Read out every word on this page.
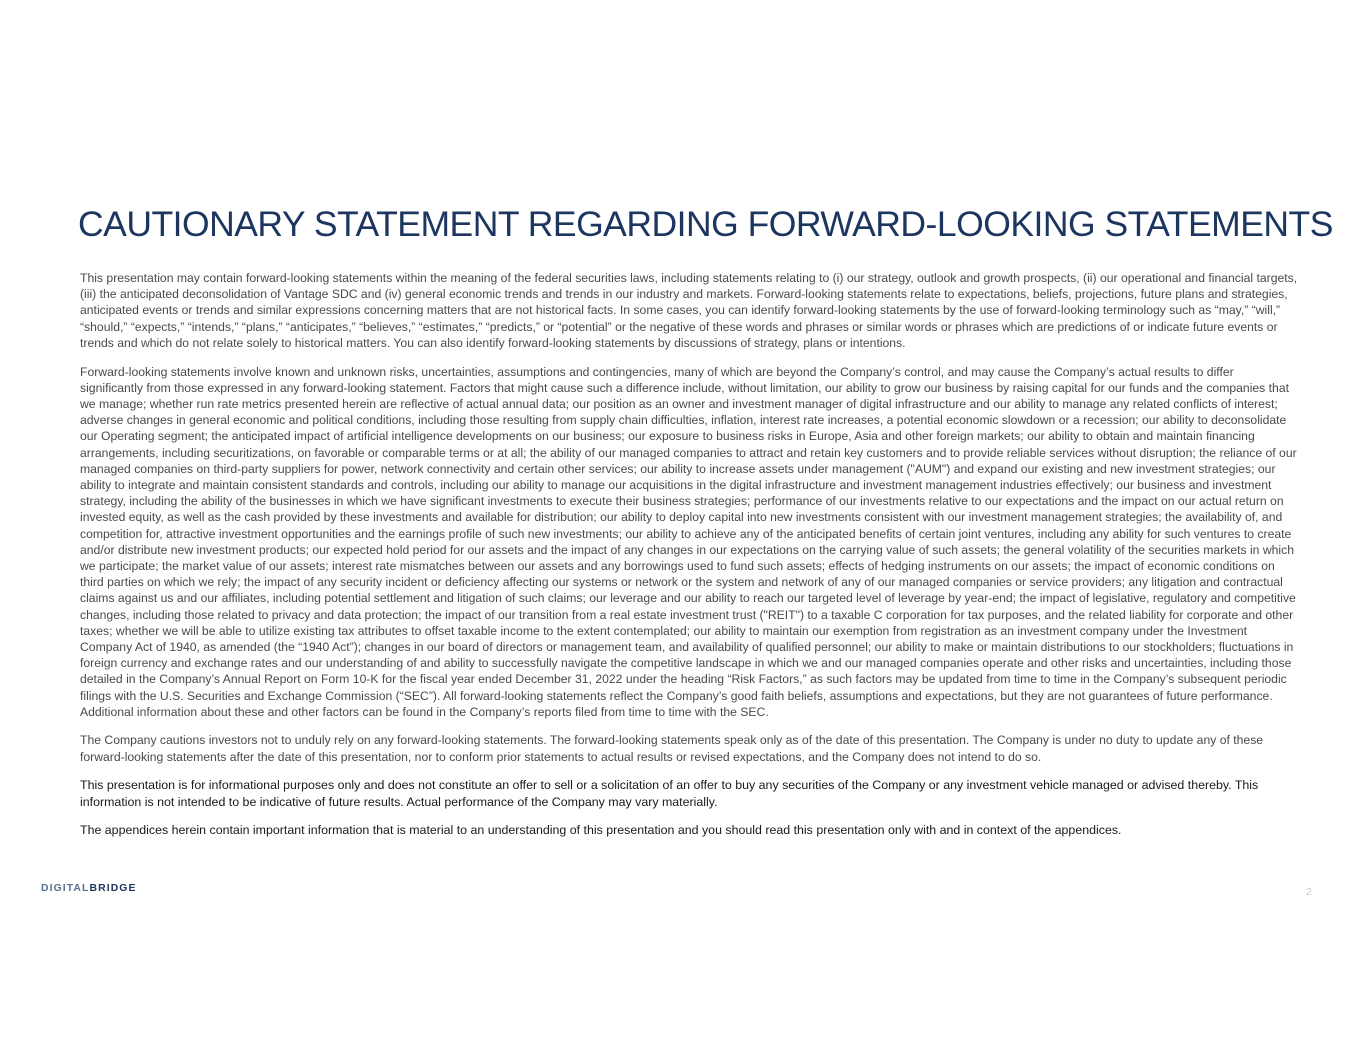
CAUTIONARY STATEMENT REGARDING FORWARD-LOOKING STATEMENTS

This presentation may contain forward-looking statements within the meaning of the federal securities laws, including statements relating to (i) our strategy, outlook and growth prospects, (ii) our operational and financial targets, (iii) the anticipated deconsolidation of Vantage SDC and (iv) general economic trends and trends in our industry and markets. Forward-looking statements relate to expectations, beliefs, projections, future plans and strategies, anticipated events or trends and similar expressions concerning matters that are not historical facts. In some cases, you can identify forward-looking statements by the use of forward-looking terminology such as “may,” “will,” “should,” “expects,” “intends,” “plans,” “anticipates,” “believes,” “estimates,” “predicts,” or “potential” or the negative of these words and phrases or similar words or phrases which are predictions of or indicate future events or trends and which do not relate solely to historical matters. You can also identify forward-looking statements by discussions of strategy, plans or intentions.

Forward-looking statements involve known and unknown risks, uncertainties, assumptions and contingencies, many of which are beyond the Company’s control, and may cause the Company’s actual results to differ significantly from those expressed in any forward-looking statement. Factors that might cause such a difference include, without limitation, our ability to grow our business by raising capital for our funds and the companies that we manage; whether run rate metrics presented herein are reflective of actual annual data; our position as an owner and investment manager of digital infrastructure and our ability to manage any related conflicts of interest; adverse changes in general economic and political conditions, including those resulting from supply chain difficulties, inflation, interest rate increases, a potential economic slowdown or a recession; our ability to deconsolidate our Operating segment; the anticipated impact of artificial intelligence developments on our business; our exposure to business risks in Europe, Asia and other foreign markets; our ability to obtain and maintain financing arrangements, including securitizations, on favorable or comparable terms or at all; the ability of our managed companies to attract and retain key customers and to provide reliable services without disruption; the reliance of our managed companies on third-party suppliers for power, network connectivity and certain other services; our ability to increase assets under management ("AUM") and expand our existing and new investment strategies; our ability to integrate and maintain consistent standards and controls, including our ability to manage our acquisitions in the digital infrastructure and investment management industries effectively; our business and investment strategy, including the ability of the businesses in which we have significant investments to execute their business strategies; performance of our investments relative to our expectations and the impact on our actual return on invested equity, as well as the cash provided by these investments and available for distribution; our ability to deploy capital into new investments consistent with our investment management strategies; the availability of, and competition for, attractive investment opportunities and the earnings profile of such new investments; our ability to achieve any of the anticipated benefits of certain joint ventures, including any ability for such ventures to create and/or distribute new investment products; our expected hold period for our assets and the impact of any changes in our expectations on the carrying value of such assets; the general volatility of the securities markets in which we participate; the market value of our assets; interest rate mismatches between our assets and any borrowings used to fund such assets; effects of hedging instruments on our assets; the impact of economic conditions on third parties on which we rely; the impact of any security incident or deficiency affecting our systems or network or the system and network of any of our managed companies or service providers; any litigation and contractual claims against us and our affiliates, including potential settlement and litigation of such claims; our leverage and our ability to reach our targeted level of leverage by year-end; the impact of legislative, regulatory and competitive changes, including those related to privacy and data protection; the impact of our transition from a real estate investment trust ("REIT") to a taxable C corporation for tax purposes, and the related liability for corporate and other taxes; whether we will be able to utilize existing tax attributes to offset taxable income to the extent contemplated; our ability to maintain our exemption from registration as an investment company under the Investment Company Act of 1940, as amended (the “1940 Act”); changes in our board of directors or management team, and availability of qualified personnel; our ability to make or maintain distributions to our stockholders; fluctuations in foreign currency and exchange rates and our understanding of and ability to successfully navigate the competitive landscape in which we and our managed companies operate and other risks and uncertainties, including those detailed in the Company’s Annual Report on Form 10-K for the fiscal year ended December 31, 2022 under the heading “Risk Factors,” as such factors may be updated from time to time in the Company’s subsequent periodic filings with the U.S. Securities and Exchange Commission (“SEC”). All forward-looking statements reflect the Company’s good faith beliefs, assumptions and expectations, but they are not guarantees of future performance. Additional information about these and other factors can be found in the Company’s reports filed from time to time with the SEC.

The Company cautions investors not to unduly rely on any forward-looking statements. The forward-looking statements speak only as of the date of this presentation. The Company is under no duty to update any of these forward-looking statements after the date of this presentation, nor to conform prior statements to actual results or revised expectations, and the Company does not intend to do so.

This presentation is for informational purposes only and does not constitute an offer to sell or a solicitation of an offer to buy any securities of the Company or any investment vehicle managed or advised thereby. This information is not intended to be indicative of future results. Actual performance of the Company may vary materially.

The appendices herein contain important information that is material to an understanding of this presentation and you should read this presentation only with and in context of the appendices.

DIGITALBRIDGE	2
